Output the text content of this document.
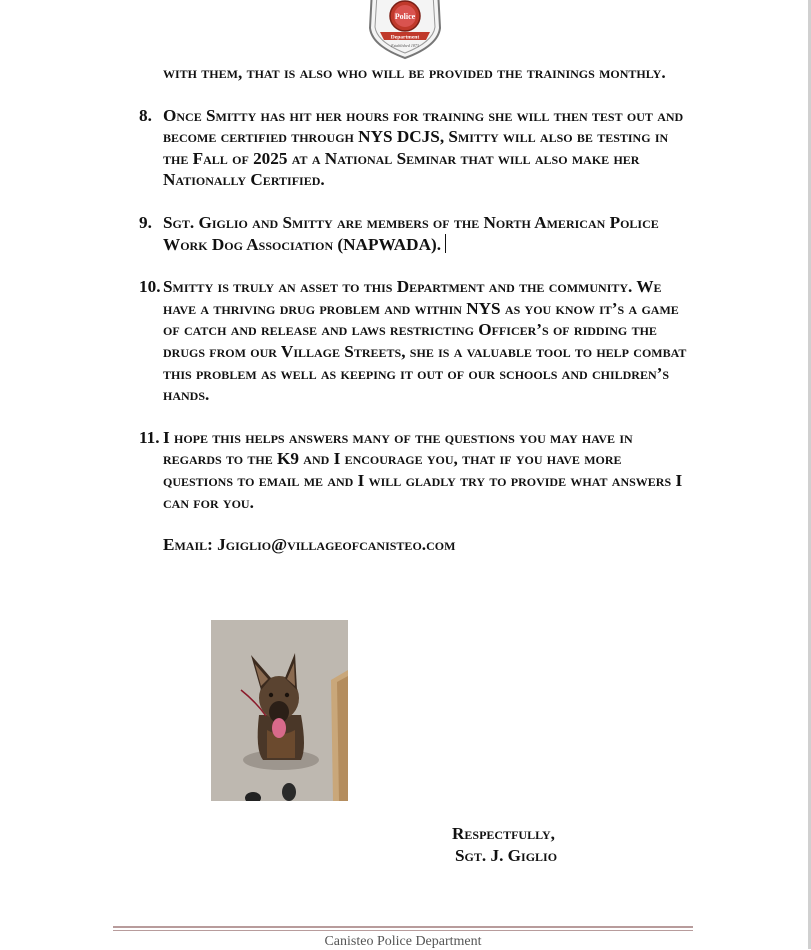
Police
Department
Established 1873
with them, that is also who will be provided the trainings monthly.
8. Once Smitty has hit her hours for training she will then test out and become certified through NYS DCJS, Smitty will also be testing in the Fall of 2025 at a National Seminar that will also make her Nationally Certified.
9. Sgt. Giglio and Smitty are members of the North American Police Work Dog Association (NAPWADA).
10. Smitty is truly an asset to this Department and the community. We have a thriving drug problem and within NYS as you know it’s a game of catch and release and laws restricting Officer’s of ridding the drugs from our Village Streets, she is a valuable tool to help combat this problem as well as keeping it out of our schools and children’s hands.
11. I hope this helps answers many of the questions you may have in regards to the K9 and I encourage you, that if you have more questions to email me and I will gladly try to provide what answers I can for you.
Email: Jgiglio@villageofcanisteo.com
Respectfully,
Sgt. J. Giglio
Canisteo Police Department
